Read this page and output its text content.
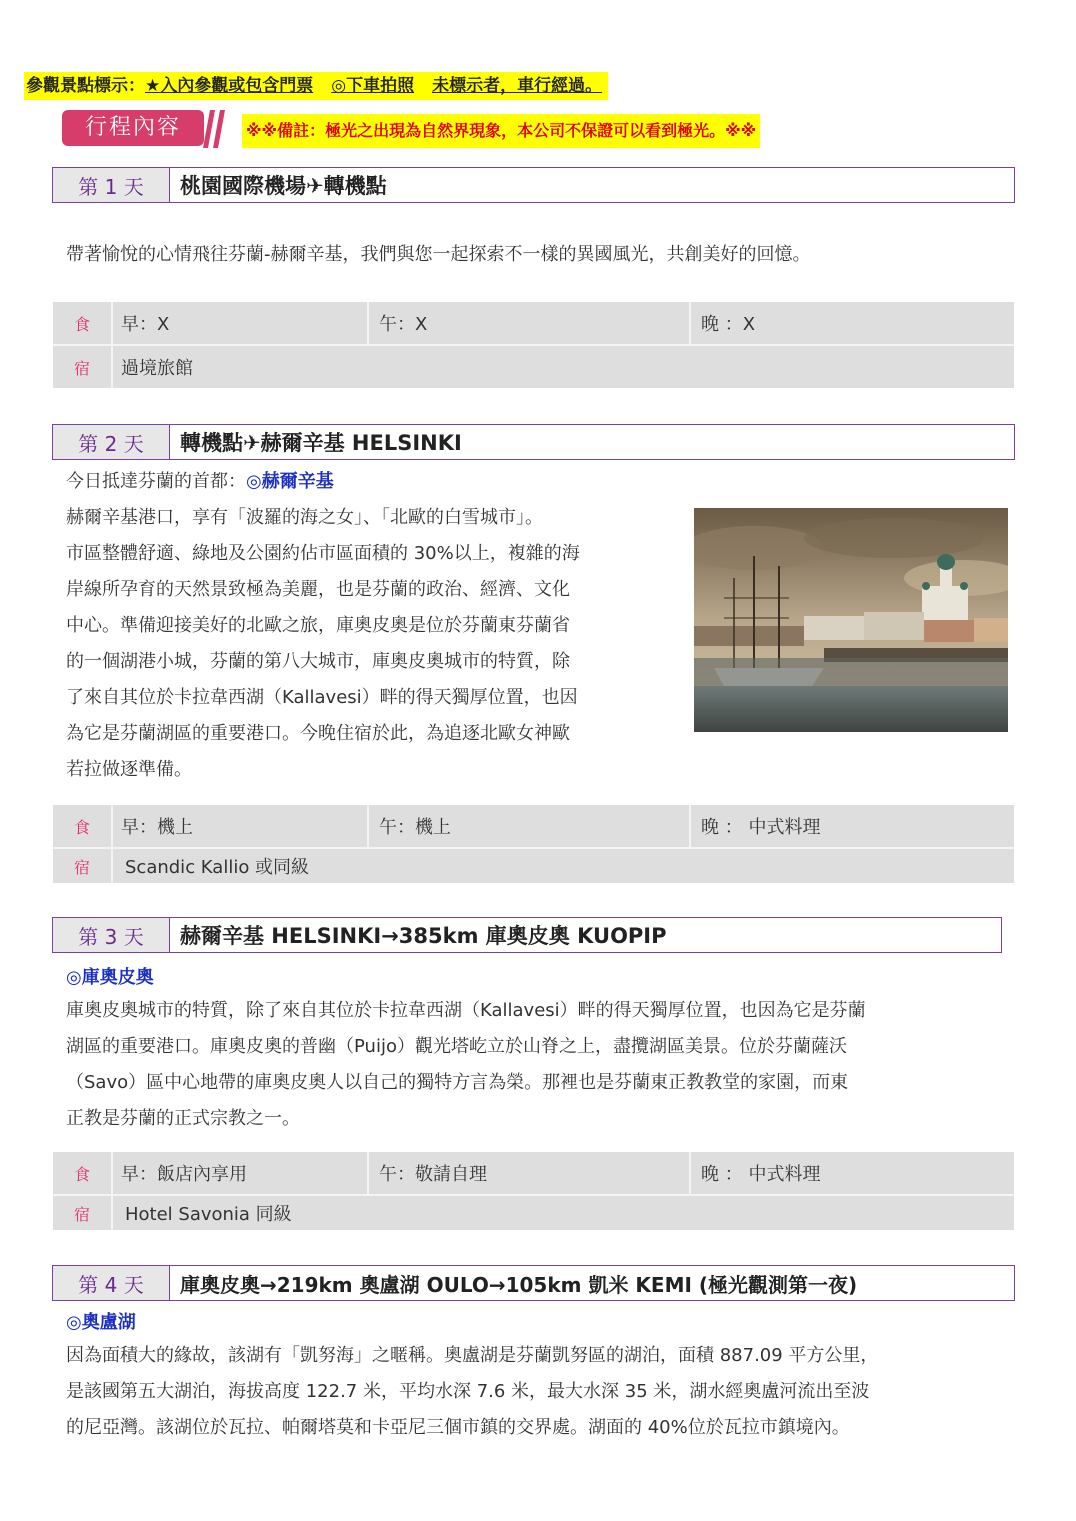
參觀景點標示：★入內參觀或包含門票 ◎下車拍照 未標示者，車行經過。
行程內容	※※備註：極光之出現為自然界現象，本公司不保證可以看到極光。※※
第 1 天	桃園國際機場✈轉機點
帶著愉悅的心情飛往芬蘭-赫爾辛基，我們與您一起探索不一樣的異國風光，共創美好的回憶。
食	早：X	午：X	晚 ：X
宿	過境旅館
第 2 天	轉機點✈赫爾辛基 HELSINKI
今日抵達芬蘭的首都：◎赫爾辛基
赫爾辛基港口，享有「波羅的海之女」、「北歐的白雪城市」。
市區整體舒適、綠地及公園約佔市區面積的 30%以上，複雜的海
岸線所孕育的天然景致極為美麗，也是芬蘭的政治、經濟、文化
中心。準備迎接美好的北歐之旅，庫奧皮奧是位於芬蘭東芬蘭省
的一個湖港小城，芬蘭的第八大城市，庫奧皮奧城市的特質，除
了來自其位於卡拉韋西湖（Kallavesi）畔的得天獨厚位置，也因
為它是芬蘭湖區的重要港口。今晚住宿於此，為追逐北歐女神歐
若拉做逐準備。
食	早：機上	午：機上	晚 ： 中式料理
宿	Scandic Kallio 或同級
第 3 天	赫爾辛基 HELSINKI→385km 庫奧皮奧 KUOPIP
◎庫奧皮奧
庫奧皮奧城市的特質，除了來自其位於卡拉韋西湖（Kallavesi）畔的得天獨厚位置，也因為它是芬蘭
湖區的重要港口。庫奧皮奧的普幽（Puijo）觀光塔屹立於山脊之上，盡攬湖區美景。位於芬蘭薩沃
（Savo）區中心地帶的庫奧皮奧人以自己的獨特方言為榮。那裡也是芬蘭東正教教堂的家園，而東
正教是芬蘭的正式宗教之一。
食	早：飯店內享用	午：敬請自理	晚 ： 中式料理
宿	Hotel Savonia 同級
第 4 天	庫奧皮奧→219km 奧盧湖 OULO→105km 凱米 KEMI (極光觀測第一夜)
◎奧盧湖
因為面積大的緣故，該湖有「凱努海」之暱稱。奧盧湖是芬蘭凱努區的湖泊，面積 887.09 平方公里，
是該國第五大湖泊，海拔高度 122.7 米，平均水深 7.6 米，最大水深 35 米，湖水經奧盧河流出至波
的尼亞灣。該湖位於瓦拉、帕爾塔莫和卡亞尼三個市鎮的交界處。湖面的 40%位於瓦拉市鎮境內。
